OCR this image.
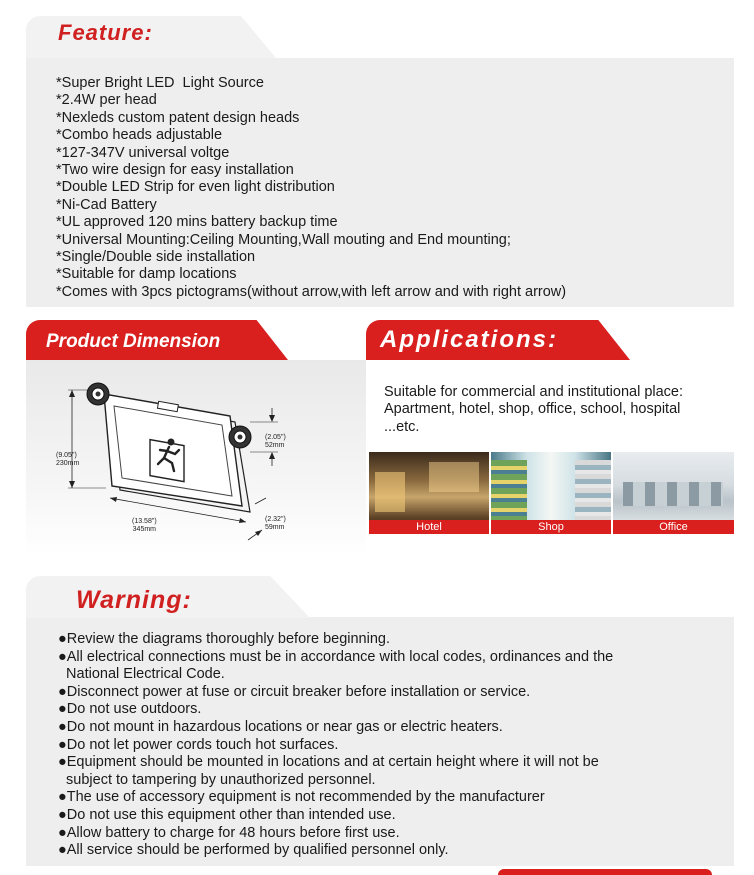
Feature:
*Super Bright LED  Light Source
*2.4W per head
*Nexleds custom patent design heads
*Combo heads adjustable
*127-347V universal voltge
*Two wire design for easy installation
*Double LED Strip for even light distribution
*Ni-Cad Battery
*UL approved 120 mins battery backup time
*Universal Mounting:Ceiling Mounting,Wall mouting and End mounting;
*Single/Double side installation
*Suitable for damp locations
*Comes with 3pcs pictograms(without arrow,with left arrow and with right arrow)
Product Dimension
(9.05")
230mm
(13.58")
345mm
(2.05")
52mm
(2.32")
59mm
Applications:
Suitable for commercial and institutional place:
Apartment, hotel, shop, office, school, hospital
...etc.
Hotel	Shop	Office
Warning:
●Review the diagrams thoroughly before beginning.
●All electrical connections must be in accordance with local codes, ordinances and the
National Electrical Code.
●Disconnect power at fuse or circuit breaker before installation or service.
●Do not use outdoors.
●Do not mount in hazardous locations or near gas or electric heaters.
●Do not let power cords touch hot surfaces.
●Equipment should be mounted in locations and at certain height where it will not be
subject to tampering by unauthorized personnel.
●The use of accessory equipment is not recommended by the manufacturer
●Do not use this equipment other than intended use.
●Allow battery to charge for 48 hours before first use.
●All service should be performed by qualified personnel only.
